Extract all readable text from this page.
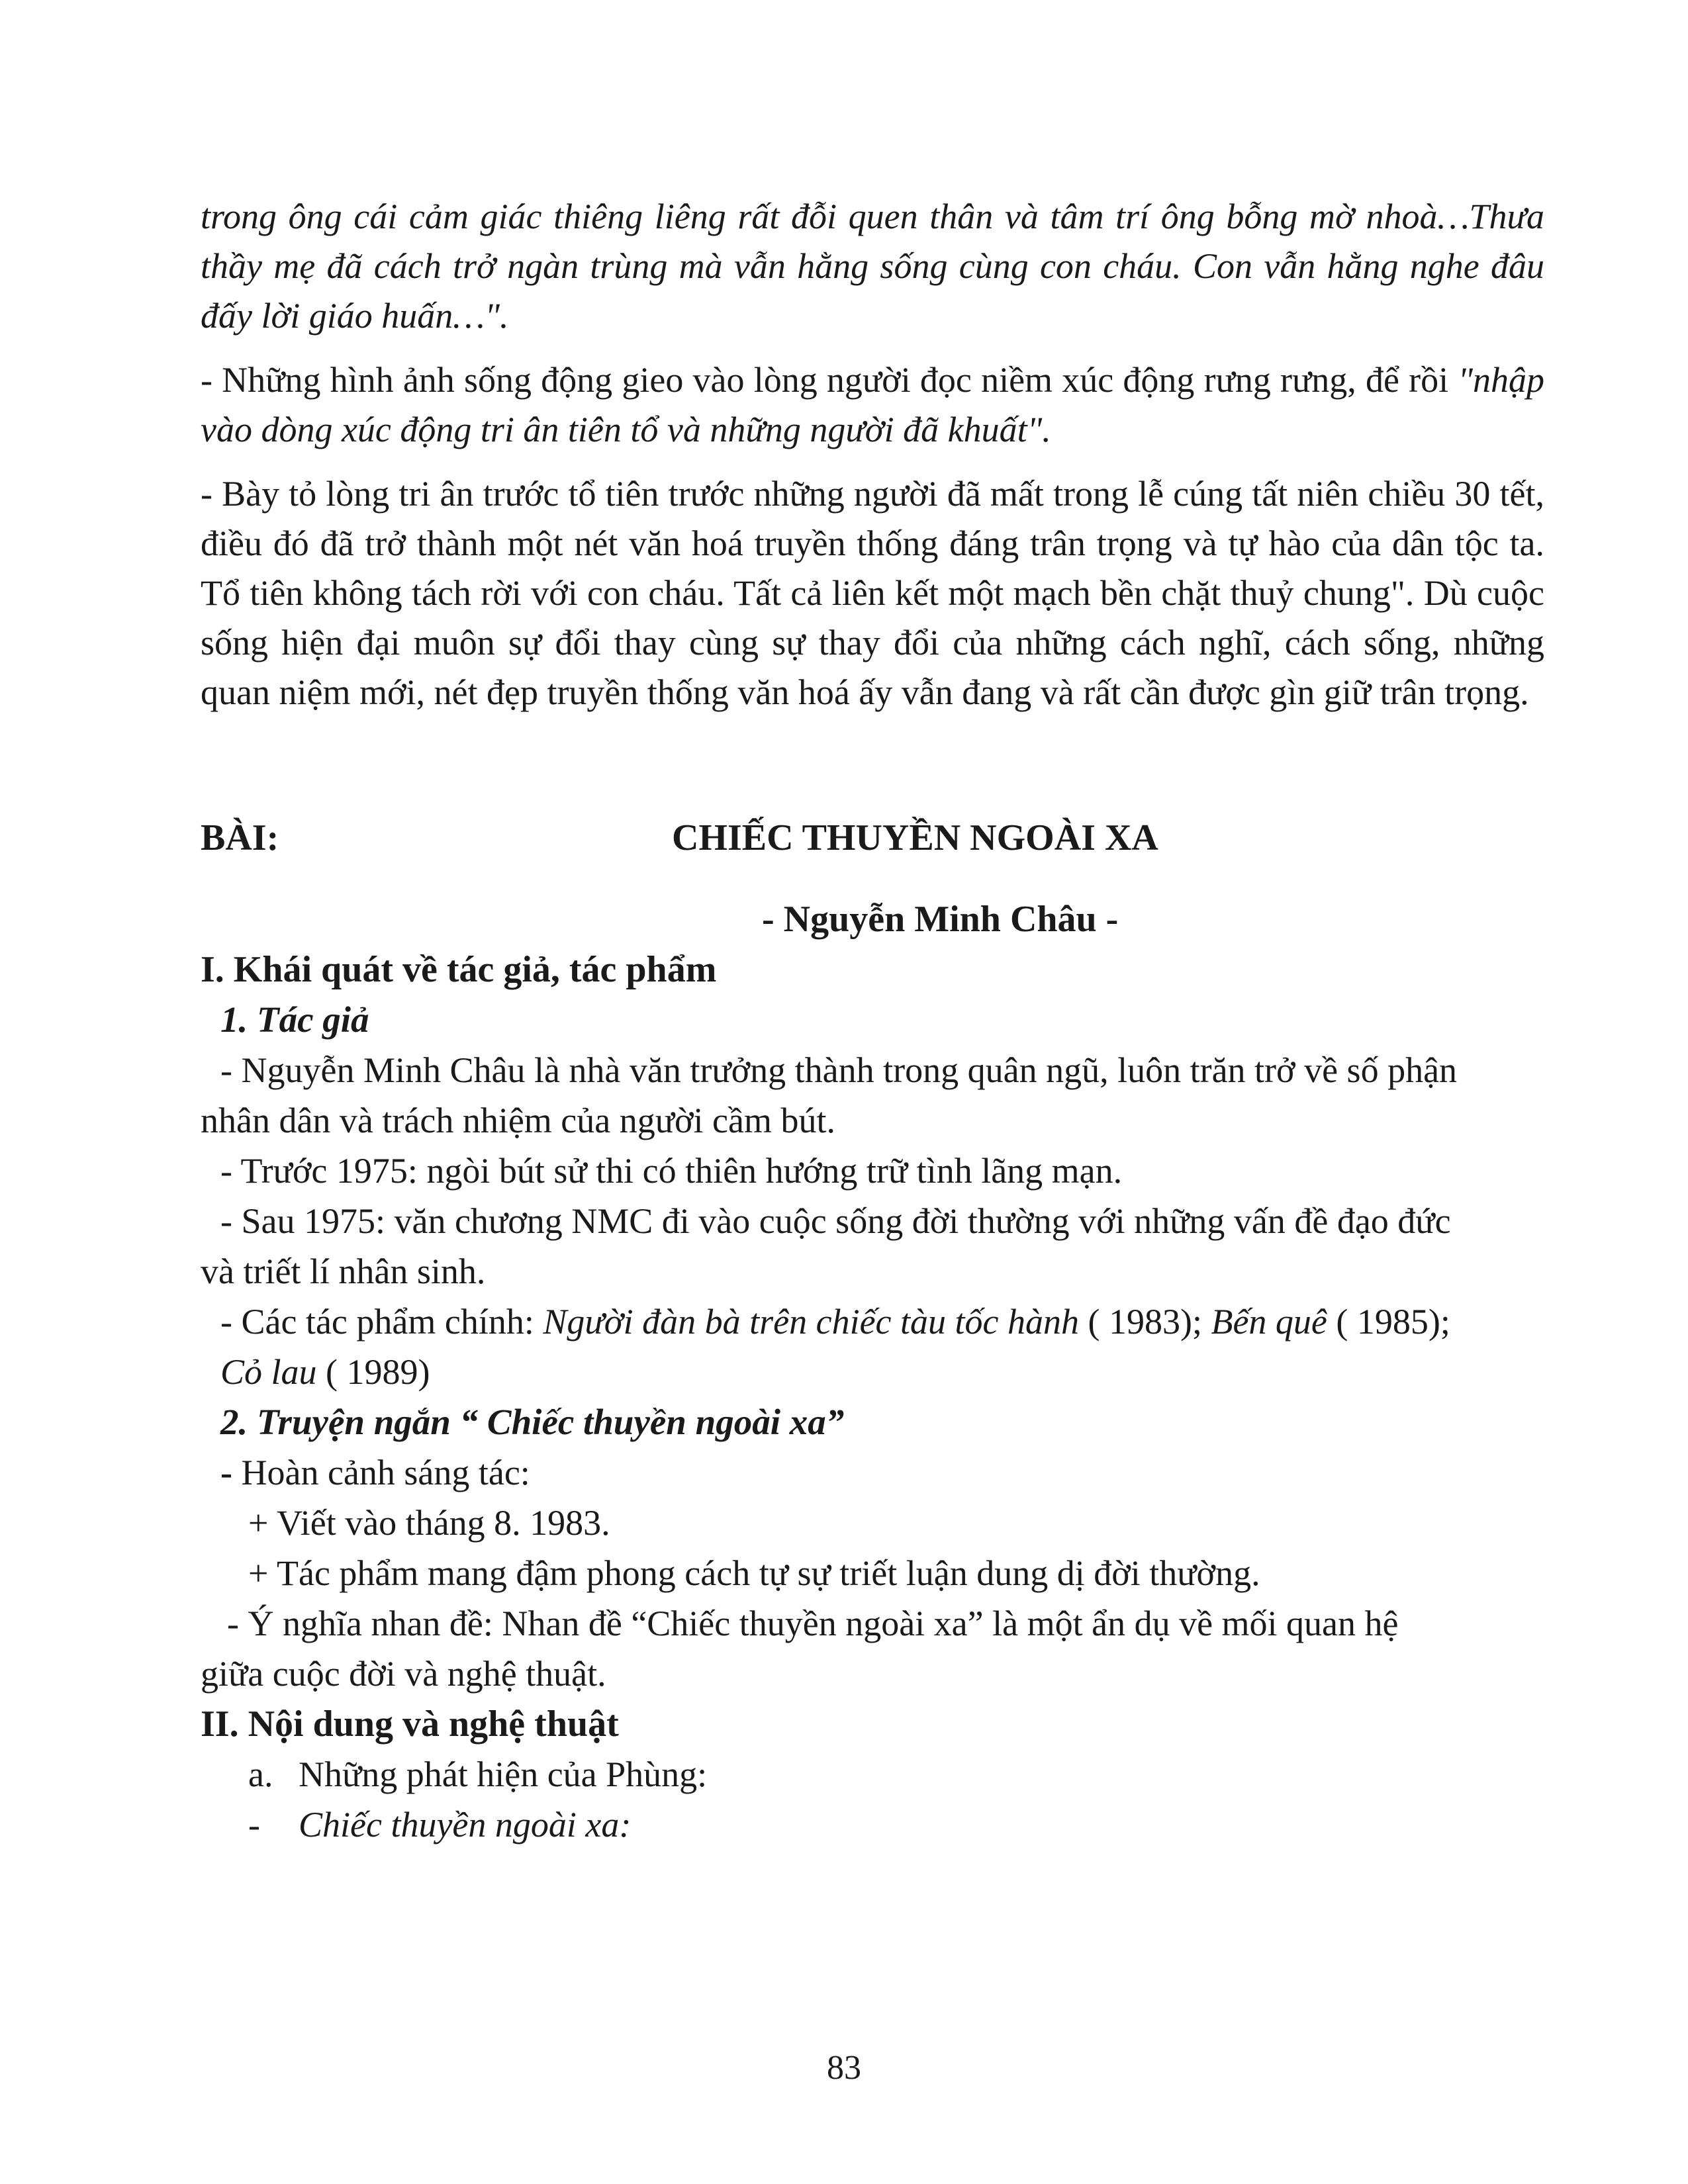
trong ông cái cảm giác thiêng liêng rất đỗi quen thân và tâm trí ông bỗng mờ nhoà…Thưa thầy mẹ đã cách trở ngàn trùng mà vẫn hằng sống cùng con cháu. Con vẫn hằng nghe đâu đấy lời giáo huấn…".

- Những hình ảnh sống động gieo vào lòng người đọc niềm xúc động rưng rưng, để rồi "nhập vào dòng xúc động tri ân tiên tổ và những người đã khuất".

- Bày tỏ lòng tri ân trước tổ tiên trước những người đã mất trong lễ cúng tất niên chiều 30 tết, điều đó đã trở thành một nét văn hoá truyền thống đáng trân trọng và tự hào của dân tộc ta. Tổ tiên không tách rời với con cháu. Tất cả liên kết một mạch bền chặt thuỷ chung". Dù cuộc sống hiện đại muôn sự đổi thay cùng sự thay đổi của những cách nghĩ, cách sống, những quan niệm mới, nét đẹp truyền thống văn hoá ấy vẫn đang và rất cần được gìn giữ trân trọng.

BÀI:	CHIẾC THUYỀN NGOÀI XA

- Nguyễn Minh Châu -

I. Khái quát về tác giả, tác phẩm

1. Tác giả

- Nguyễn Minh Châu là nhà văn trưởng thành trong quân ngũ, luôn trăn trở về số phận

nhân dân và trách nhiệm của người cầm bút.

- Trước 1975: ngòi bút sử thi có thiên hướng trữ tình lãng mạn.

- Sau 1975: văn chương NMC đi vào cuộc sống đời thường với những vấn đề đạo đức

và triết lí nhân sinh.

- Các tác phẩm chính: Người đàn bà trên chiếc tàu tốc hành ( 1983); Bến quê ( 1985);

Cỏ lau ( 1989)

2. Truyện ngắn “ Chiếc thuyền ngoài xa”

- Hoàn cảnh sáng tác:

+ Viết vào tháng 8. 1983.

+ Tác phẩm mang đậm phong cách tự sự triết luận dung dị đời thường.

- Ý nghĩa nhan đề: Nhan đề “Chiếc thuyền ngoài xa” là một ẩn dụ về mối quan hệ

giữa cuộc đời và nghệ thuật.

II. Nội dung và nghệ thuật

a. Những phát hiện của Phùng:

- Chiếc thuyền ngoài xa:

83
